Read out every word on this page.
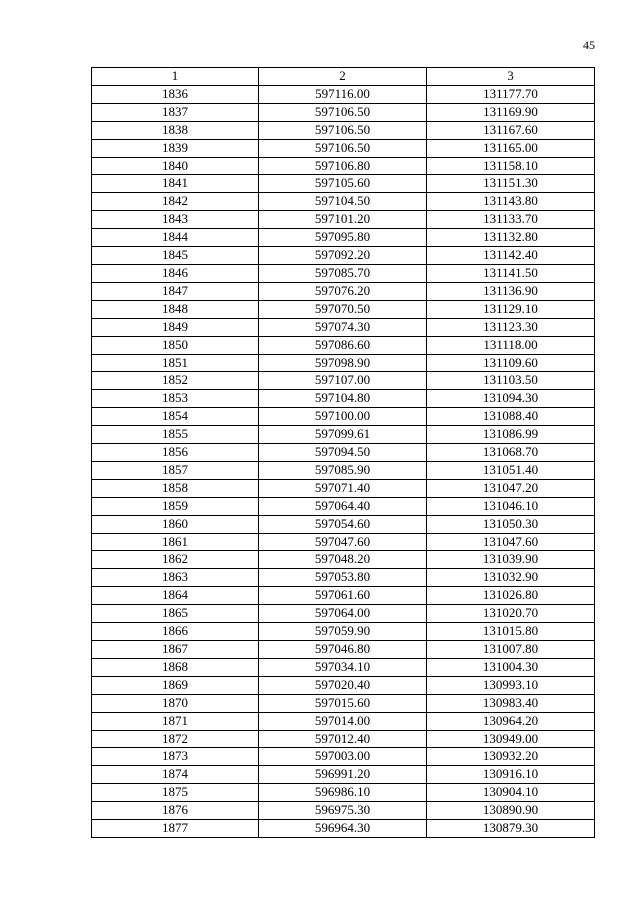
45
1	2	3
1836	597116.00	131177.70
1837	597106.50	131169.90
1838	597106.50	131167.60
1839	597106.50	131165.00
1840	597106.80	131158.10
1841	597105.60	131151.30
1842	597104.50	131143.80
1843	597101.20	131133.70
1844	597095.80	131132.80
1845	597092.20	131142.40
1846	597085.70	131141.50
1847	597076.20	131136.90
1848	597070.50	131129.10
1849	597074.30	131123.30
1850	597086.60	131118.00
1851	597098.90	131109.60
1852	597107.00	131103.50
1853	597104.80	131094.30
1854	597100.00	131088.40
1855	597099.61	131086.99
1856	597094.50	131068.70
1857	597085.90	131051.40
1858	597071.40	131047.20
1859	597064.40	131046.10
1860	597054.60	131050.30
1861	597047.60	131047.60
1862	597048.20	131039.90
1863	597053.80	131032.90
1864	597061.60	131026.80
1865	597064.00	131020.70
1866	597059.90	131015.80
1867	597046.80	131007.80
1868	597034.10	131004.30
1869	597020.40	130993.10
1870	597015.60	130983.40
1871	597014.00	130964.20
1872	597012.40	130949.00
1873	597003.00	130932.20
1874	596991.20	130916.10
1875	596986.10	130904.10
1876	596975.30	130890.90
1877	596964.30	130879.30
